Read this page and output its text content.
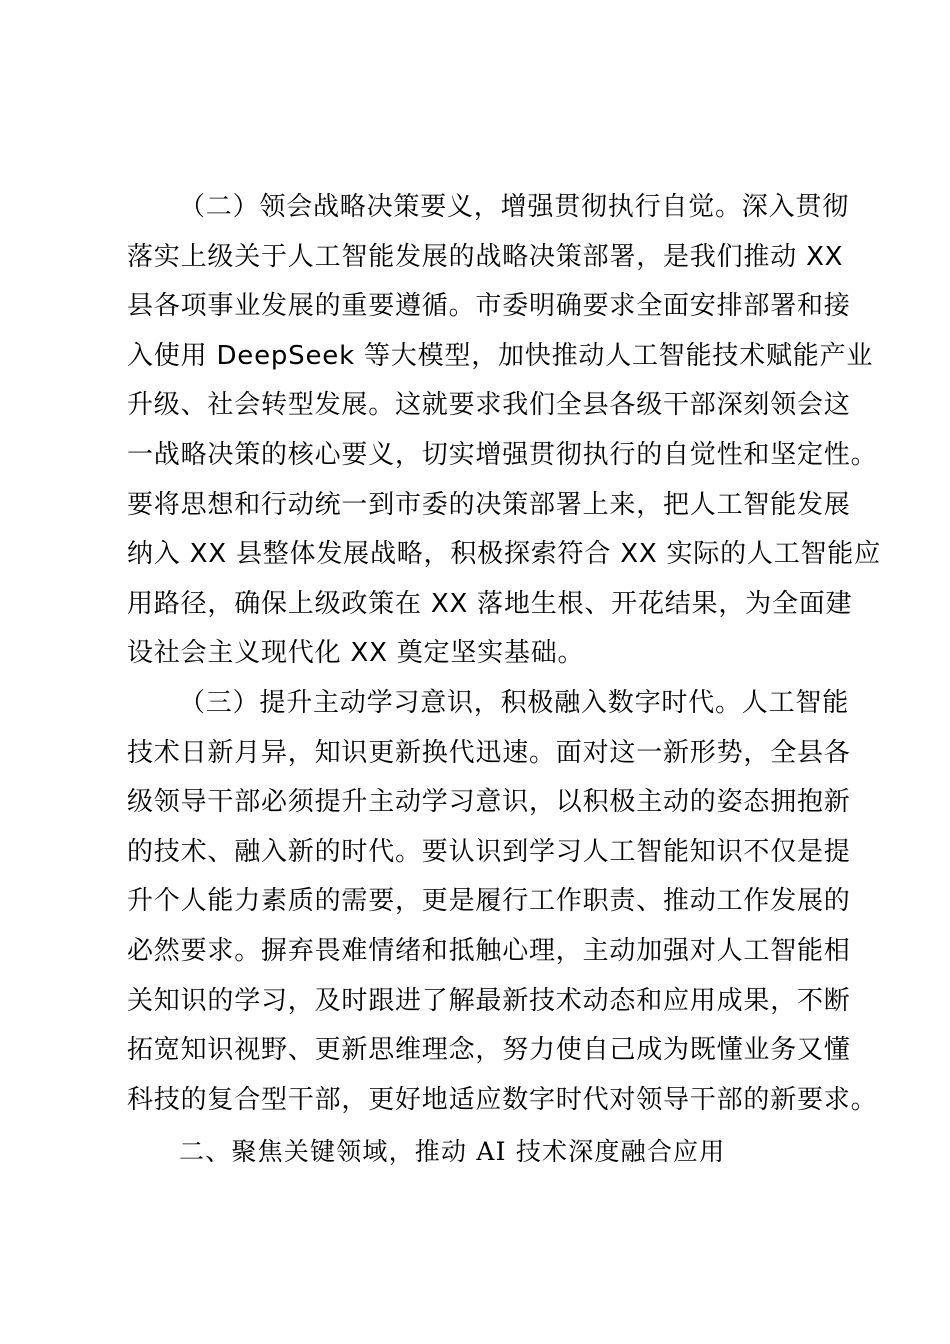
（二）领会战略决策要义，增强贯彻执行自觉。深入贯彻
落实上级关于人工智能发展的战略决策部署，是我们推动 XX
县各项事业发展的重要遵循。市委明确要求全面安排部署和接
入使用 DeepSeek 等大模型，加快推动人工智能技术赋能产业
升级、社会转型发展。这就要求我们全县各级干部深刻领会这
一战略决策的核心要义，切实增强贯彻执行的自觉性和坚定性。
要将思想和行动统一到市委的决策部署上来，把人工智能发展
纳入 XX 县整体发展战略，积极探索符合 XX 实际的人工智能应
用路径，确保上级政策在 XX 落地生根、开花结果，为全面建
设社会主义现代化 XX 奠定坚实基础。
（三）提升主动学习意识，积极融入数字时代。人工智能
技术日新月异，知识更新换代迅速。面对这一新形势，全县各
级领导干部必须提升主动学习意识，以积极主动的姿态拥抱新
的技术、融入新的时代。要认识到学习人工智能知识不仅是提
升个人能力素质的需要，更是履行工作职责、推动工作发展的
必然要求。摒弃畏难情绪和抵触心理，主动加强对人工智能相
关知识的学习，及时跟进了解最新技术动态和应用成果，不断
拓宽知识视野、更新思维理念，努力使自己成为既懂业务又懂
科技的复合型干部，更好地适应数字时代对领导干部的新要求。
二、聚焦关键领域，推动 AI 技术深度融合应用
